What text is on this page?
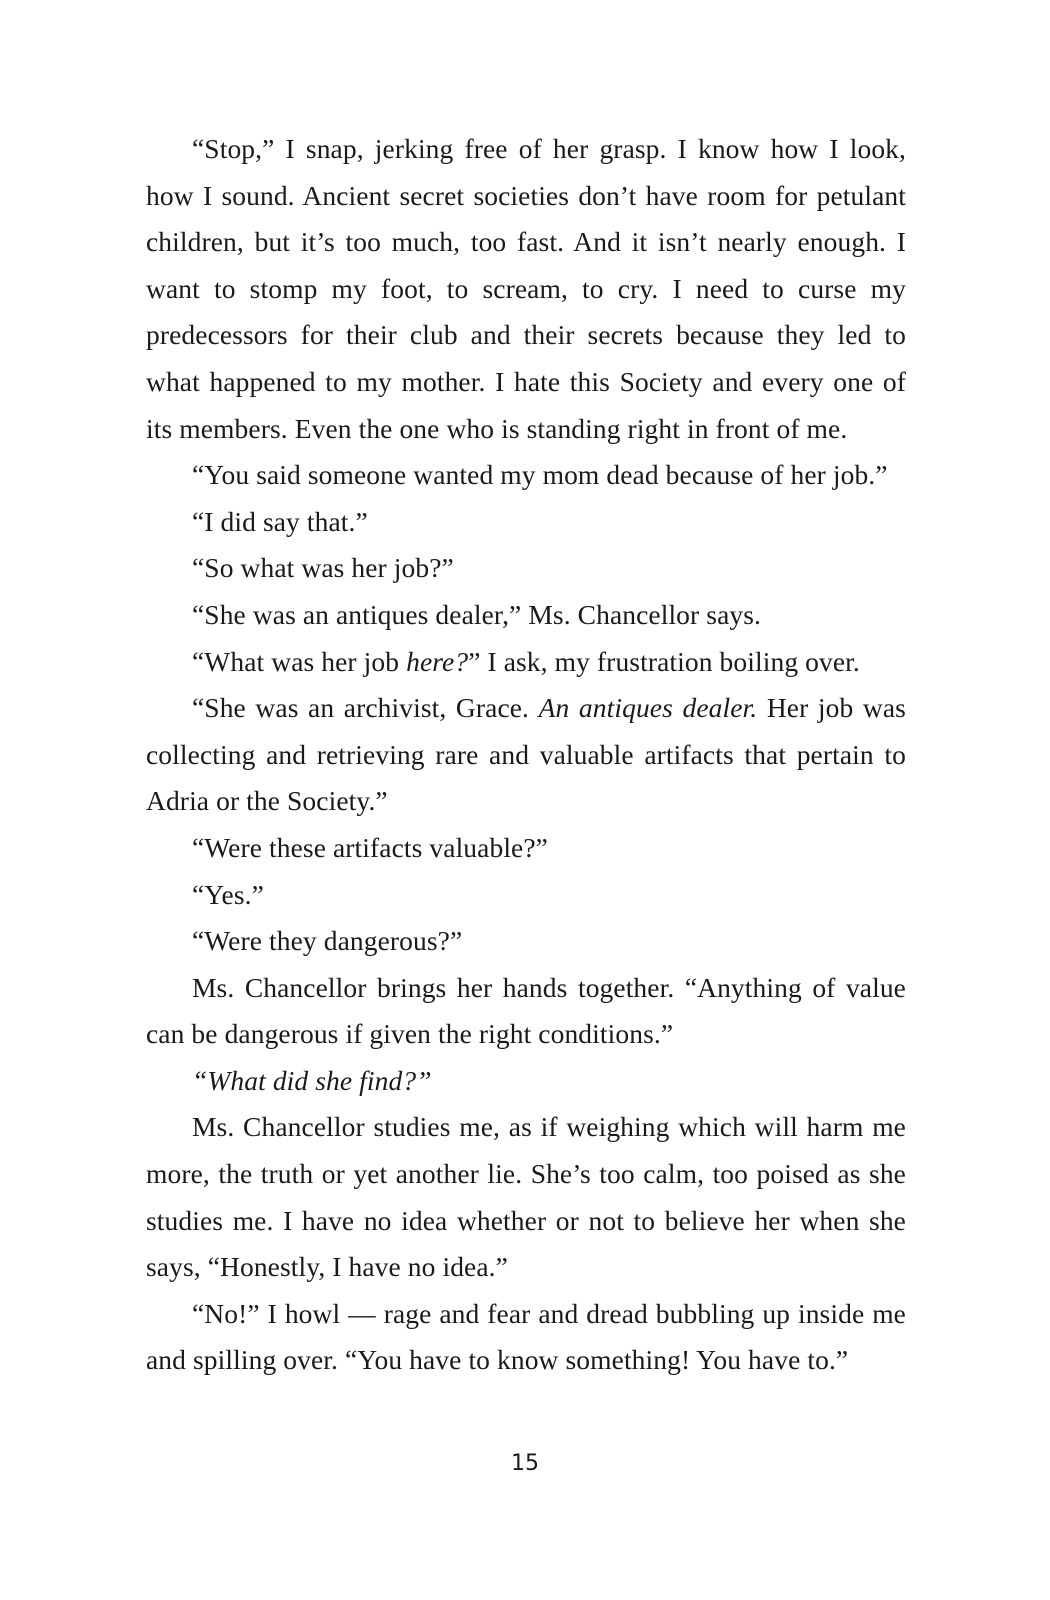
“Stop,” I snap, jerking free of her grasp. I know how I look, how I sound. Ancient secret societies don’t have room for petulant children, but it’s too much, too fast. And it isn’t nearly enough. I want to stomp my foot, to scream, to cry. I need to curse my predecessors for their club and their secrets because they led to what happened to my mother. I hate this Society and every one of its members. Even the one who is standing right in front of me.

“You said someone wanted my mom dead because of her job.”

“I did say that.”

“So what was her job?”

“She was an antiques dealer,” Ms. Chancellor says.

“What was her job here?” I ask, my frustration boiling over.

“She was an archivist, Grace. An antiques dealer. Her job was collecting and retrieving rare and valuable artifacts that pertain to Adria or the Society.”

“Were these artifacts valuable?”

“Yes.”

“Were they dangerous?”

Ms. Chancellor brings her hands together. “Anything of value can be dangerous if given the right conditions.”

“What did she find?”

Ms. Chancellor studies me, as if weighing which will harm me more, the truth or yet another lie. She’s too calm, too poised as she studies me. I have no idea whether or not to believe her when she says, “Honestly, I have no idea.”

“No!” I howl — rage and fear and dread bubbling up inside me and spilling over. “You have to know something! You have to.”

15
